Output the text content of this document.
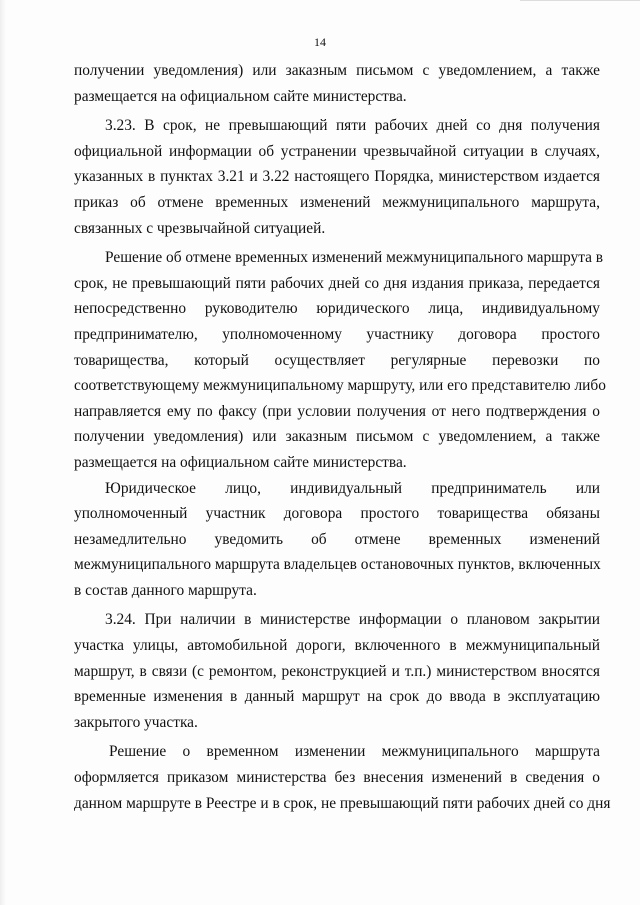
14
получении уведомления) или заказным письмом с уведомлением, а также
размещается на официальном сайте министерства.
3.23. В срок, не превышающий пяти рабочих дней со дня получения
официальной информации об устранении чрезвычайной ситуации в случаях,
указанных в пунктах 3.21 и 3.22 настоящего Порядка, министерством издается
приказ об отмене временных изменений межмуниципального маршрута,
связанных с чрезвычайной ситуацией.
Решение об отмене временных изменений межмуниципального маршрута в
срок, не превышающий пяти рабочих дней со дня издания приказа, передается
непосредственно руководителю юридического лица, индивидуальному
предпринимателю, уполномоченному участнику договора простого
товарищества, который осуществляет регулярные перевозки по
соответствующему межмуниципальному маршруту, или его представителю либо
направляется ему по факсу (при условии получения от него подтверждения о
получении уведомления) или заказным письмом с уведомлением, а также
размещается на официальном сайте министерства.
Юридическое лицо, индивидуальный предприниматель или
уполномоченный участник договора простого товарищества обязаны
незамедлительно уведомить об отмене временных изменений
межмуниципального маршрута владельцев остановочных пунктов, включенных
в состав данного маршрута.
3.24. При наличии в министерстве информации о плановом закрытии
участка улицы, автомобильной дороги, включенного в межмуниципальный
маршрут, в связи (с ремонтом, реконструкцией и т.п.) министерством вносятся
временные изменения в данный маршрут на срок до ввода в эксплуатацию
закрытого участка.
Решение о временном изменении межмуниципального маршрута
оформляется приказом министерства без внесения изменений в сведения о
данном маршруте в Реестре и в срок, не превышающий пяти рабочих дней со дня
